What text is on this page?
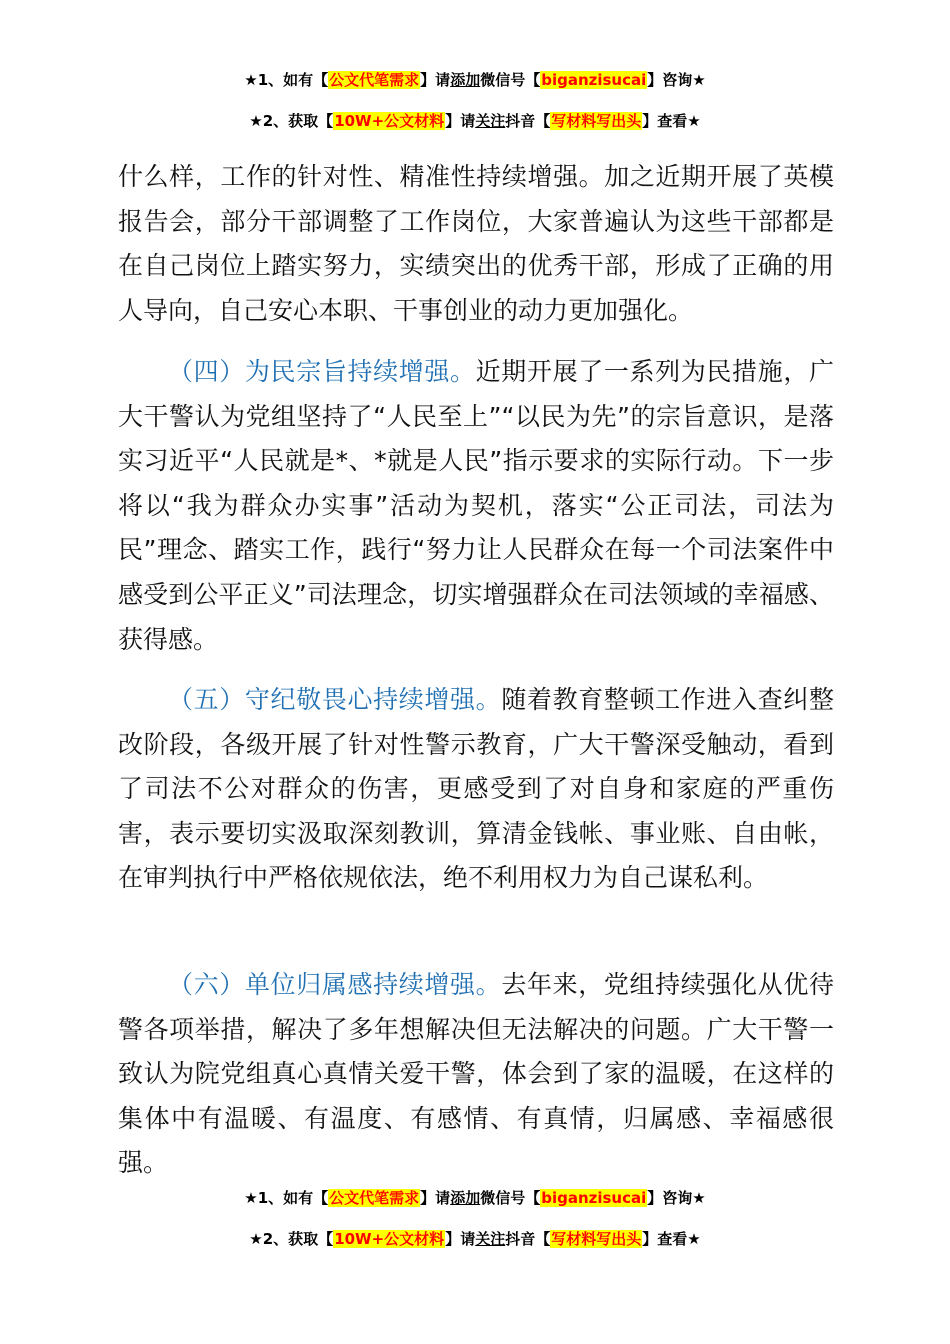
★1、如有【公文代笔需求】请添加微信号【biganzisucai】咨询★
★2、获取【10W+公文材料】请关注抖音【写材料写出头】查看★

什么样，工作的针对性、精准性持续增强。加之近期开展了英模报告会，部分干部调整了工作岗位，大家普遍认为这些干部都是在自己岗位上踏实努力，实绩突出的优秀干部，形成了正确的用人导向，自己安心本职、干事创业的动力更加强化。

（四）为民宗旨持续增强。近期开展了一系列为民措施，广大干警认为党组坚持了“人民至上”“以民为先”的宗旨意识，是落实习近平“人民就是*、*就是人民”指示要求的实际行动。下一步将以“我为群众办实事”活动为契机，落实“公正司法，司法为民”理念、踏实工作，践行“努力让人民群众在每一个司法案件中感受到公平正义”司法理念，切实增强群众在司法领域的幸福感、获得感。

（五）守纪敬畏心持续增强。随着教育整顿工作进入查纠整改阶段，各级开展了针对性警示教育，广大干警深受触动，看到了司法不公对群众的伤害，更感受到了对自身和家庭的严重伤害，表示要切实汲取深刻教训，算清金钱帐、事业账、自由帐，在审判执行中严格依规依法，绝不利用权力为自己谋私利。

（六）单位归属感持续增强。去年来，党组持续强化从优待警各项举措，解决了多年想解决但无法解决的问题。广大干警一致认为院党组真心真情关爱干警，体会到了家的温暖，在这样的集体中有温暖、有温度、有感情、有真情，归属感、幸福感很强。

★1、如有【公文代笔需求】请添加微信号【biganzisucai】咨询★
★2、获取【10W+公文材料】请关注抖音【写材料写出头】查看★
